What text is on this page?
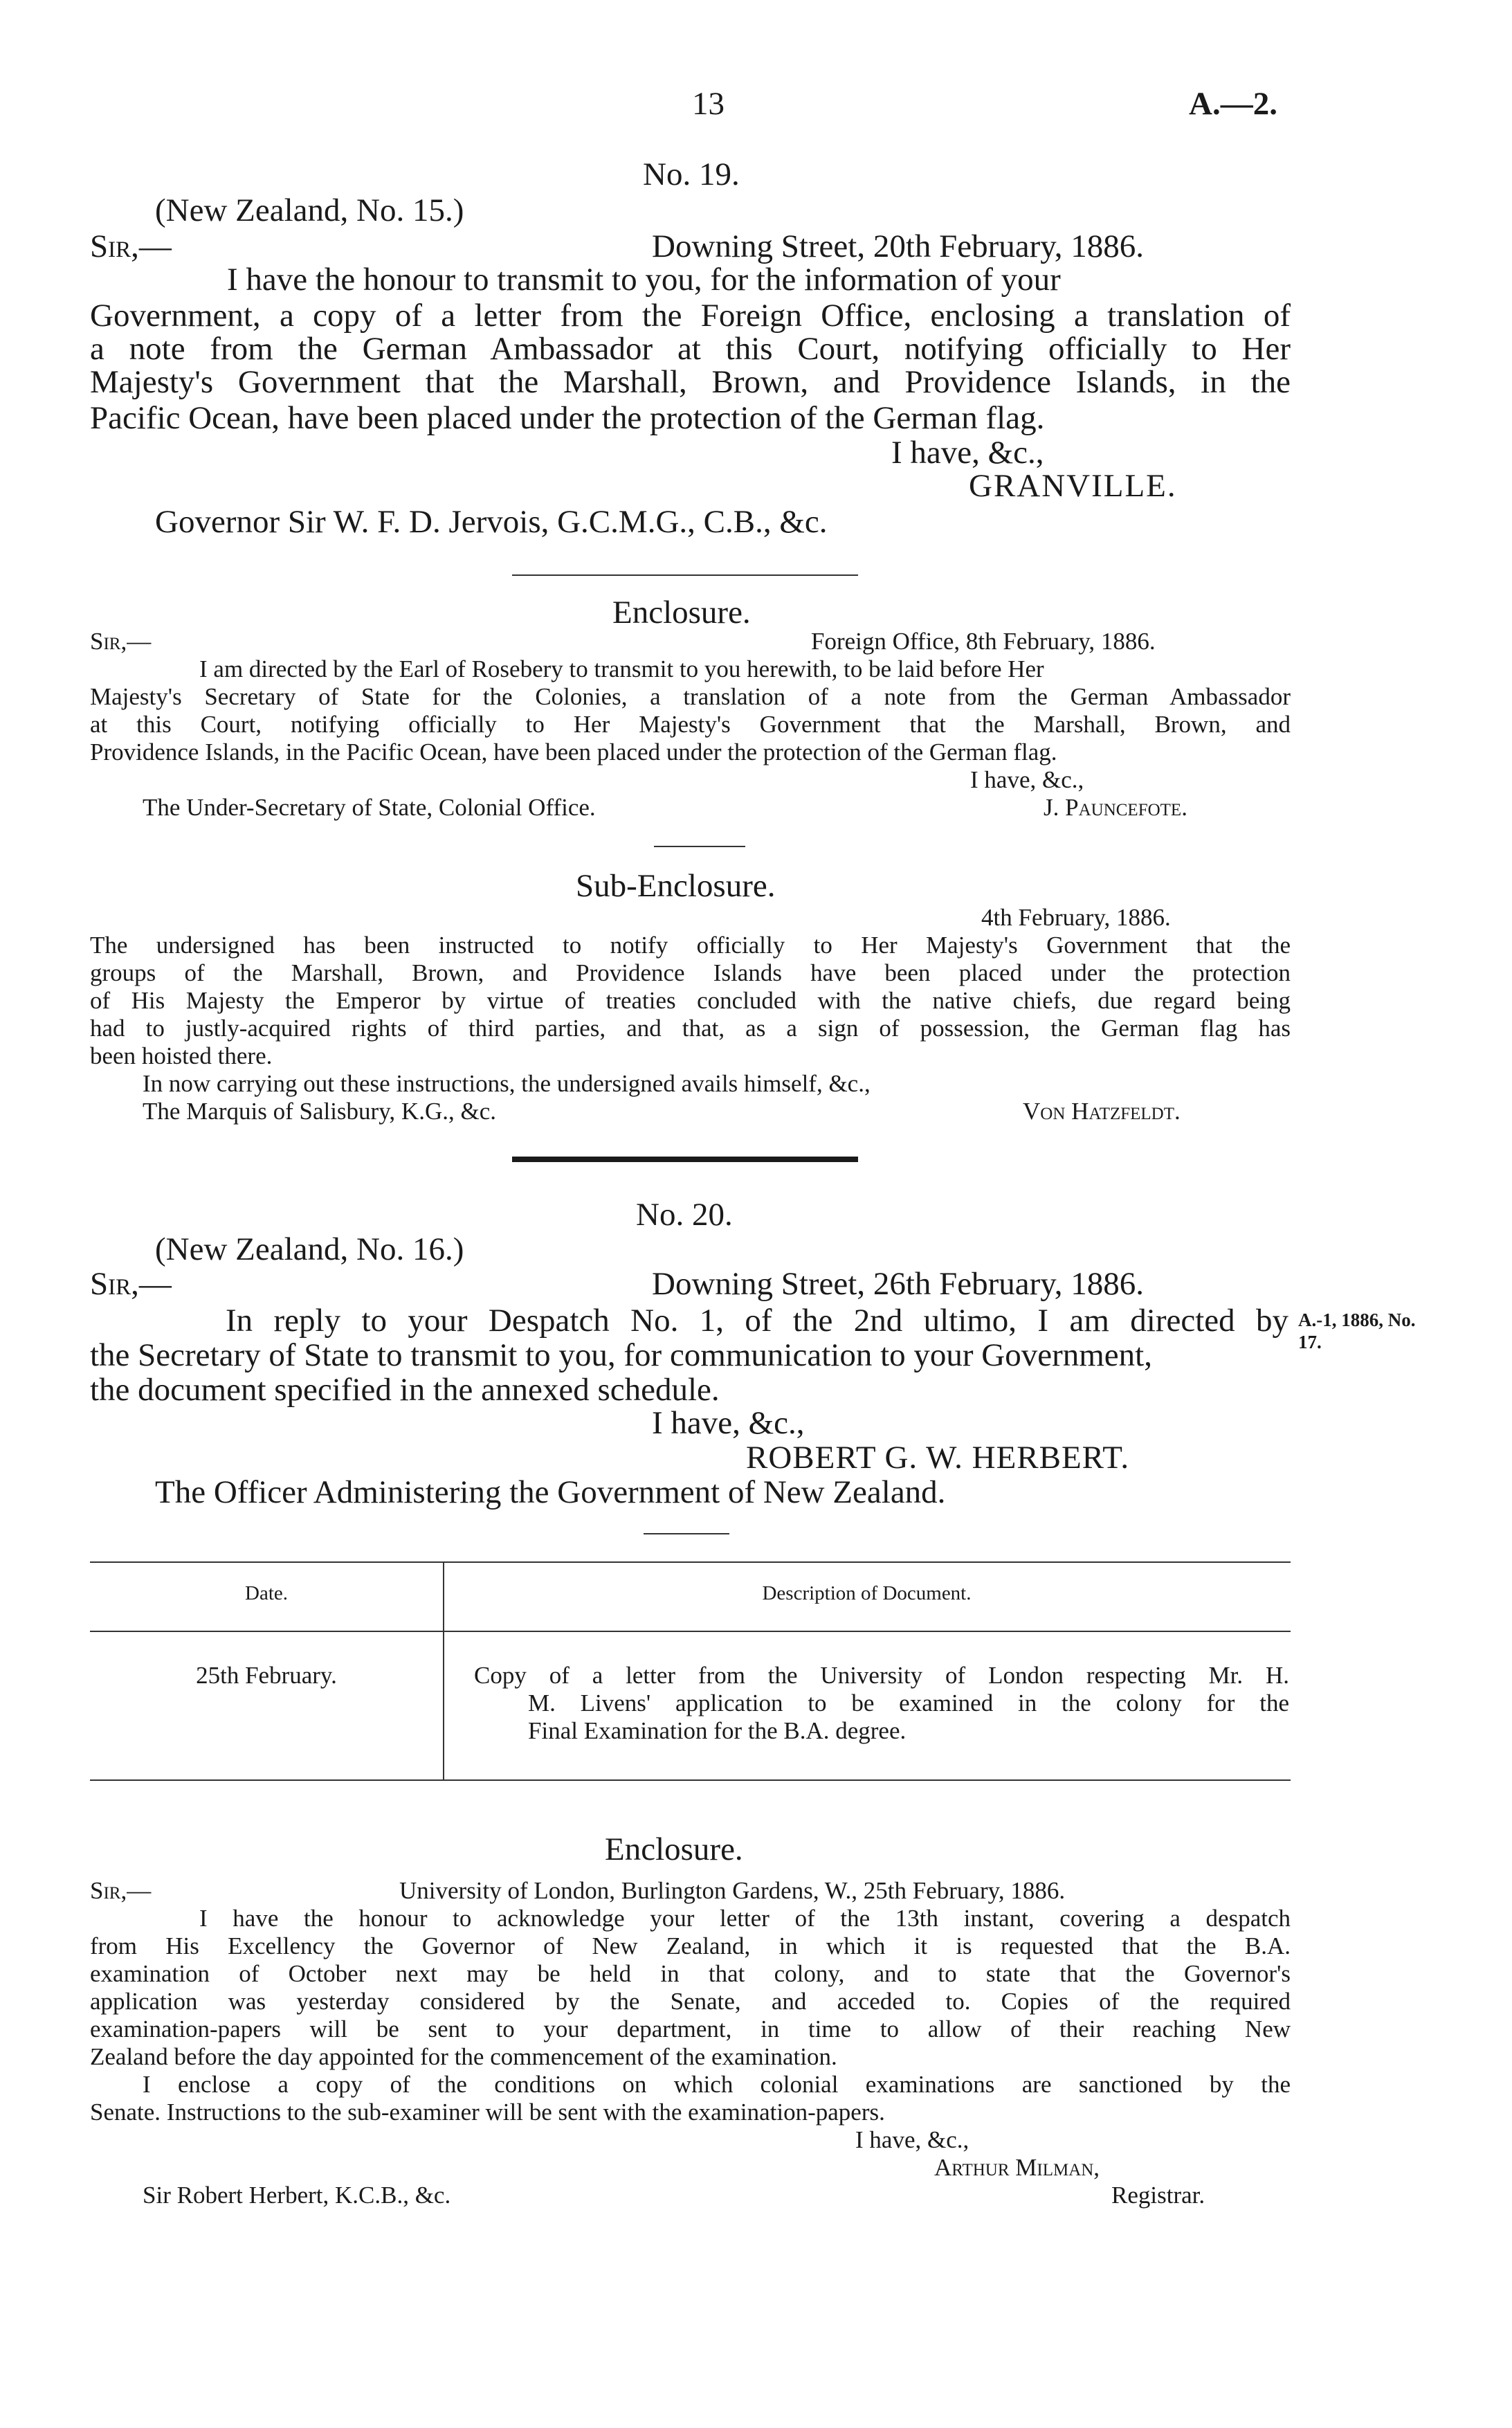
13	A.—2.
No. 19.
(New Zealand, No. 15.)
Sir,—	Downing Street, 20th February, 1886.
I have the honour to transmit to you, for the information of your
Government, a copy of a letter from the Foreign Office, enclosing a translation of
a note from the German Ambassador at this Court, notifying officially to Her
Majesty's Government that the Marshall, Brown, and Providence Islands, in the
Pacific Ocean, have been placed under the protection of the German flag.
I have, &c.,
GRANVILLE.
Governor Sir W. F. D. Jervois, G.C.M.G., C.B., &c.
Enclosure.
Sir,—	Foreign Office, 8th February, 1886.
I am directed by the Earl of Rosebery to transmit to you herewith, to be laid before Her
Majesty's Secretary of State for the Colonies, a translation of a note from the German Ambassador
at this Court, notifying officially to Her Majesty's Government that the Marshall, Brown, and
Providence Islands, in the Pacific Ocean, have been placed under the protection of the German flag.
I have, &c.,
The Under-Secretary of State, Colonial Office.	J. Pauncefote.
Sub-Enclosure.
4th February, 1886.
The undersigned has been instructed to notify officially to Her Majesty's Government that the
groups of the Marshall, Brown, and Providence Islands have been placed under the protection
of His Majesty the Emperor by virtue of treaties concluded with the native chiefs, due regard being
had to justly-acquired rights of third parties, and that, as a sign of possession, the German flag has
been hoisted there.
In now carrying out these instructions, the undersigned avails himself, &c.,
The Marquis of Salisbury, K.G., &c.	Von Hatzfeldt.
No. 20.
(New Zealand, No. 16.)
Sir,—	Downing Street, 26th February, 1886.
In reply to your Despatch No. 1, of the 2nd ultimo, I am directed by
the Secretary of State to transmit to you, for communication to your Government,
the document specified in the annexed schedule.
A.-1, 1886, No.
17.
I have, &c.,
ROBERT G. W. HERBERT.
The Officer Administering the Government of New Zealand.
Date.	Description of Document.
25th February.	Copy of a letter from the University of London respecting Mr. H.
M. Livens' application to be examined in the colony for the
Final Examination for the B.A. degree.
Enclosure.
Sir,—	University of London, Burlington Gardens, W., 25th February, 1886.
I have the honour to acknowledge your letter of the 13th instant, covering a despatch
from His Excellency the Governor of New Zealand, in which it is requested that the B.A.
examination of October next may be held in that colony, and to state that the Governor's
application was yesterday considered by the Senate, and acceded to. Copies of the required
examination-papers will be sent to your department, in time to allow of their reaching New
Zealand before the day appointed for the commencement of the examination.
I enclose a copy of the conditions on which colonial examinations are sanctioned by the
Senate. Instructions to the sub-examiner will be sent with the examination-papers.
I have, &c.,
Arthur Milman,
Sir Robert Herbert, K.C.B., &c.	Registrar.
